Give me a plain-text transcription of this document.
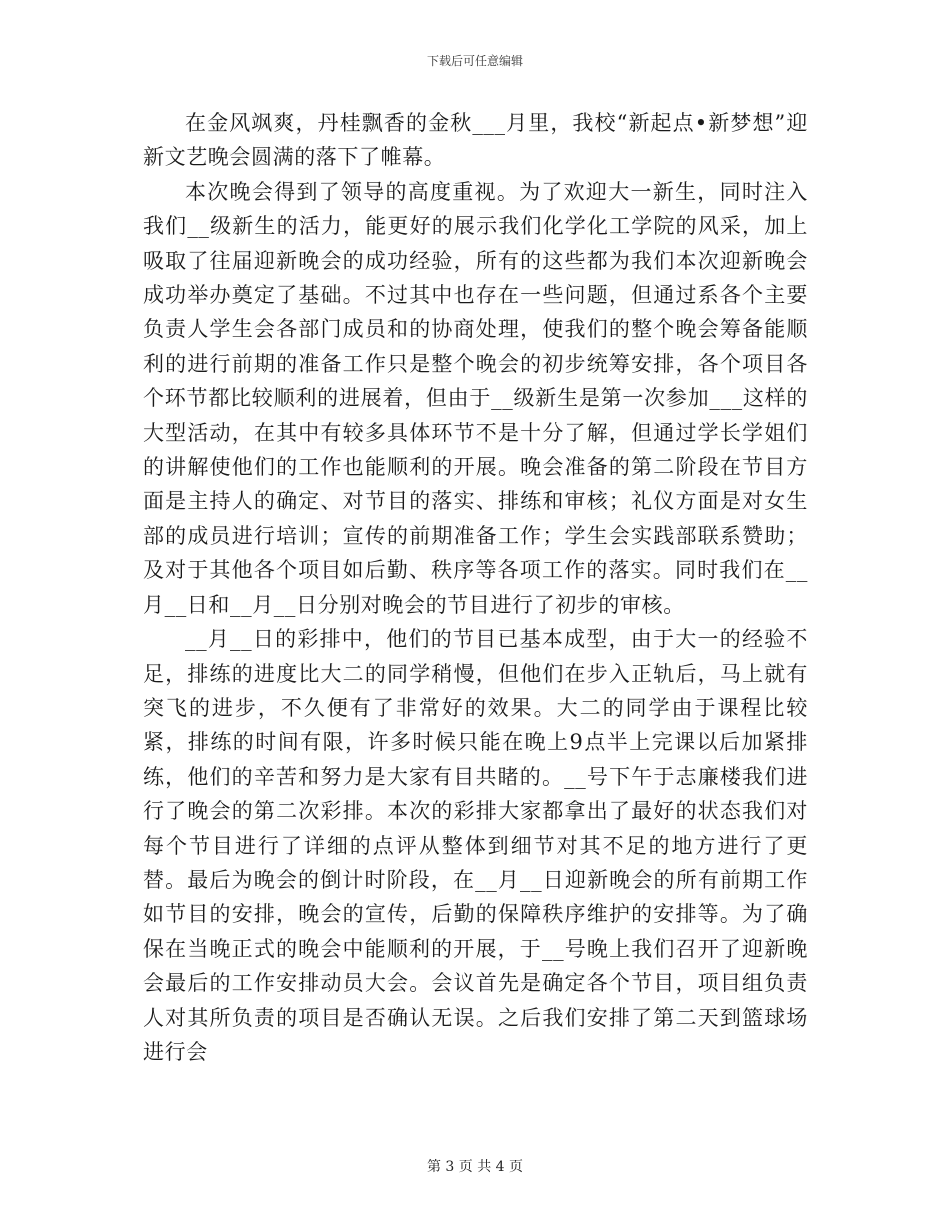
下载后可任意编辑

在金风飒爽，丹桂飘香的金秋___月里，我校“新起点•新梦想”迎新文艺晚会圆满的落下了帷幕。

本次晚会得到了领导的高度重视。为了欢迎大一新生，同时注入我们__级新生的活力，能更好的展示我们化学化工学院的风采，加上吸取了往届迎新晚会的成功经验，所有的这些都为我们本次迎新晚会成功举办奠定了基础。不过其中也存在一些问题，但通过系各个主要负责人学生会各部门成员和的协商处理，使我们的整个晚会筹备能顺利的进行前期的准备工作只是整个晚会的初步统筹安排，各个项目各个环节都比较顺利的进展着，但由于__级新生是第一次参加___这样的大型活动，在其中有较多具体环节不是十分了解，但通过学长学姐们的讲解使他们的工作也能顺利的开展。晚会准备的第二阶段在节目方面是主持人的确定、对节目的落实、排练和审核；礼仪方面是对女生部的成员进行培训；宣传的前期准备工作；学生会实践部联系赞助；及对于其他各个项目如后勤、秩序等各项工作的落实。同时我们在__月__日和__月__日分别对晚会的节目进行了初步的审核。

__月__日的彩排中，他们的节目已基本成型，由于大一的经验不足，排练的进度比大二的同学稍慢，但他们在步入正轨后，马上就有突飞的进步，不久便有了非常好的效果。大二的同学由于课程比较紧，排练的时间有限，许多时候只能在晚上9点半上完课以后加紧排练，他们的辛苦和努力是大家有目共睹的。__号下午于志廉楼我们进行了晚会的第二次彩排。本次的彩排大家都拿出了最好的状态我们对每个节目进行了详细的点评从整体到细节对其不足的地方进行了更替。最后为晚会的倒计时阶段，在__月__日迎新晚会的所有前期工作如节目的安排，晚会的宣传，后勤的保障秩序维护的安排等。为了确保在当晚正式的晚会中能顺利的开展，于__号晚上我们召开了迎新晚会最后的工作安排动员大会。会议首先是确定各个节目，项目组负责人对其所负责的项目是否确认无误。之后我们安排了第二天到篮球场进行会

第 3 页 共 4 页
